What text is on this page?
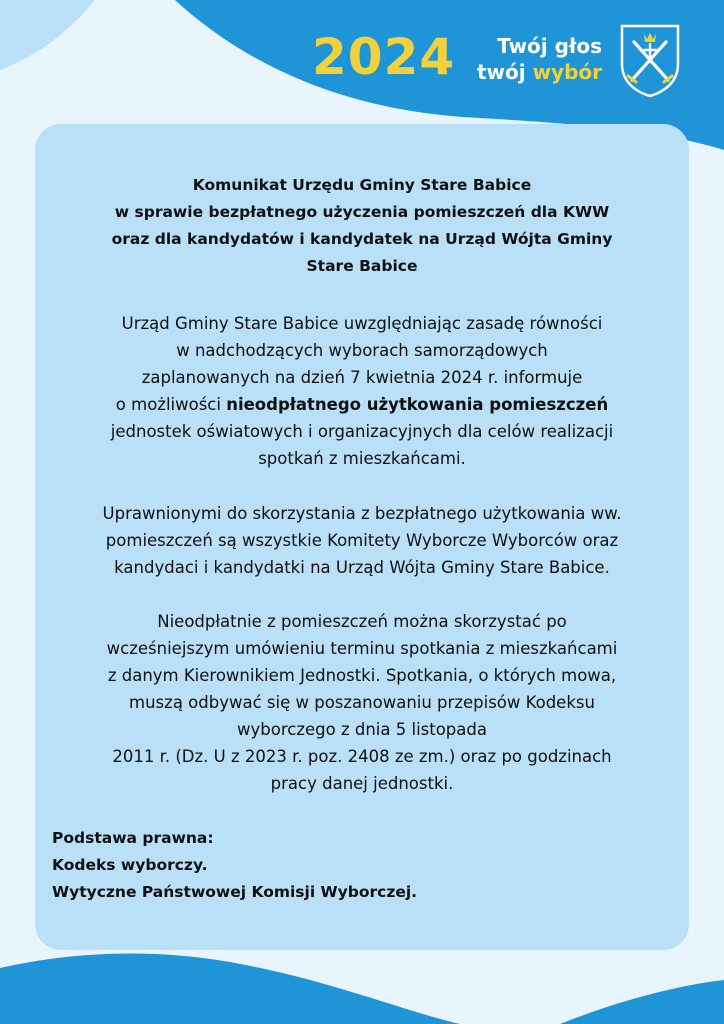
2024	Twój głos
twój wybór
Komunikat Urzędu Gminy Stare Babice
w sprawie bezpłatnego użyczenia pomieszczeń dla KWW
oraz dla kandydatów i kandydatek na Urząd Wójta Gminy
Stare Babice

Urząd Gminy Stare Babice uwzględniając zasadę równości
w nadchodzących wyborach samorządowych
zaplanowanych na dzień 7 kwietnia 2024 r. informuje
o możliwości nieodpłatnego użytkowania pomieszczeń
jednostek oświatowych i organizacyjnych dla celów realizacji
spotkań z mieszkańcami.

Uprawnionymi do skorzystania z bezpłatnego użytkowania ww.
pomieszczeń są wszystkie Komitety Wyborcze Wyborców oraz
kandydaci i kandydatki na Urząd Wójta Gminy Stare Babice.

Nieodpłatnie z pomieszczeń można skorzystać po
wcześniejszym umówieniu terminu spotkania z mieszkańcami
z danym Kierownikiem Jednostki. Spotkania, o których mowa,
muszą odbywać się w poszanowaniu przepisów Kodeksu
wyborczego z dnia 5 listopada
2011 r. (Dz. U z 2023 r. poz. 2408 ze zm.) oraz po godzinach
pracy danej jednostki.

Podstawa prawna:
Kodeks wyborczy.
Wytyczne Państwowej Komisji Wyborczej.
